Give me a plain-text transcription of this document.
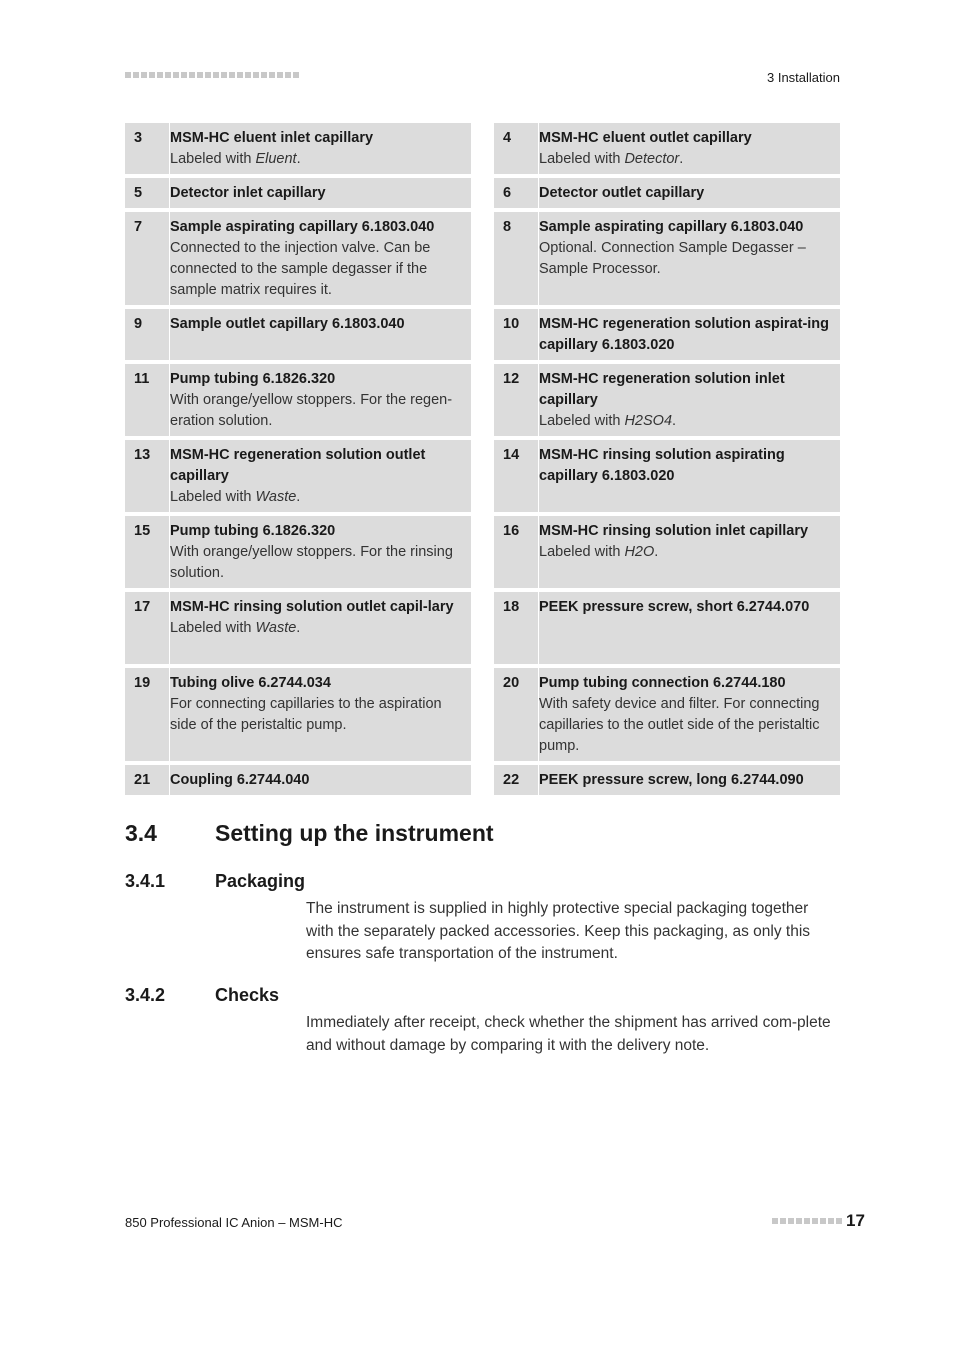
3 Installation
3	MSM-HC eluent inlet capillary
Labeled with Eluent.
5	Detector inlet capillary
7	Sample aspirating capillary 6.1803.040
Connected to the injection valve. Can be connected to the sample degasser if the sample matrix requires it.
9	Sample outlet capillary 6.1803.040
11	Pump tubing 6.1826.320
With orange/yellow stoppers. For the regen-eration solution.
13	MSM-HC regeneration solution outlet capillary
Labeled with Waste.
15	Pump tubing 6.1826.320
With orange/yellow stoppers. For the rinsing solution.
17	MSM-HC rinsing solution outlet capil-lary
Labeled with Waste.
19	Tubing olive 6.2744.034
For connecting capillaries to the aspiration side of the peristaltic pump.
21	Coupling 6.2744.040
4	MSM-HC eluent outlet capillary
Labeled with Detector.
6	Detector outlet capillary
8	Sample aspirating capillary 6.1803.040
Optional. Connection Sample Degasser – Sample Processor.
10	MSM-HC regeneration solution aspirat-ing capillary 6.1803.020
12	MSM-HC regeneration solution inlet capillary
Labeled with H2SO4.
14	MSM-HC rinsing solution aspirating capillary 6.1803.020
16	MSM-HC rinsing solution inlet capillary
Labeled with H2O.
18	PEEK pressure screw, short 6.2744.070
20	Pump tubing connection 6.2744.180
With safety device and filter. For connecting capillaries to the outlet side of the peristaltic pump.
22	PEEK pressure screw, long 6.2744.090
3.4	Setting up the instrument
3.4.1	Packaging

The instrument is supplied in highly protective special packaging together with the separately packed accessories. Keep this packaging, as only this ensures safe transportation of the instrument.

3.4.2	Checks

Immediately after receipt, check whether the shipment has arrived com-plete and without damage by comparing it with the delivery note.

850 Professional IC Anion – MSM-HC	17
